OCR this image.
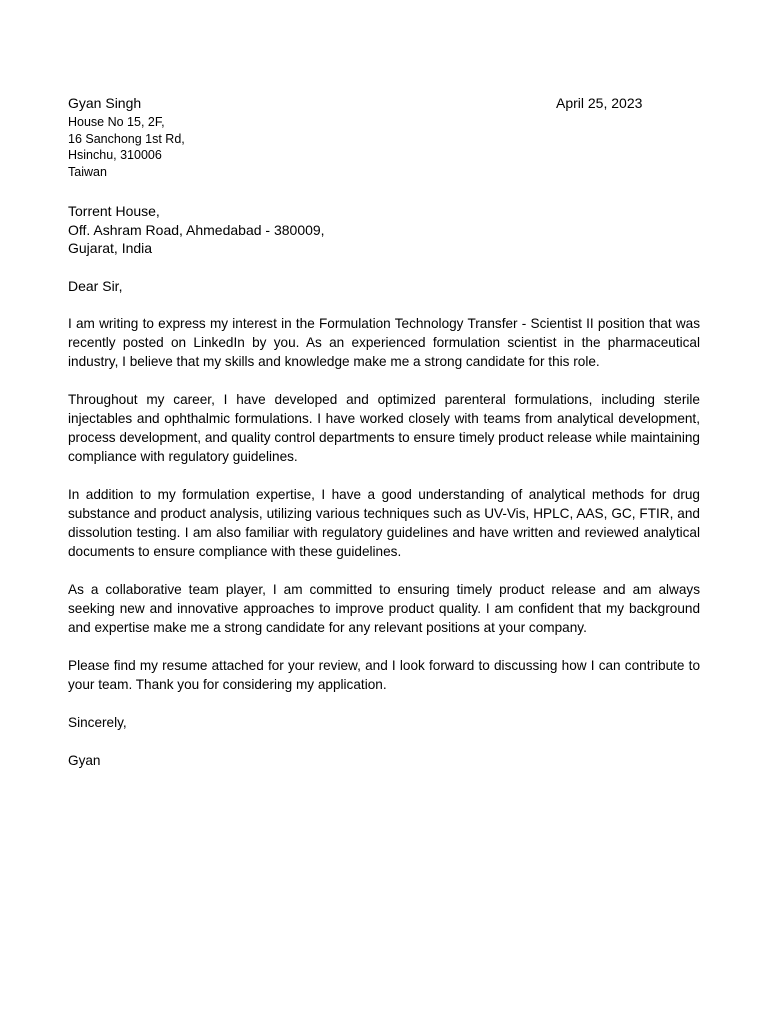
Gyan Singh	April 25, 2023
House No 15, 2F,
16 Sanchong 1st Rd,
Hsinchu, 310006
Taiwan
Torrent House,
Off. Ashram Road, Ahmedabad - 380009,
Gujarat, India
Dear Sir,

I am writing to express my interest in the Formulation Technology Transfer - Scientist II position that was recently posted on LinkedIn by you. As an experienced formulation scientist in the pharmaceutical industry, I believe that my skills and knowledge make me a strong candidate for this role.

Throughout my career, I have developed and optimized parenteral formulations, including sterile injectables and ophthalmic formulations. I have worked closely with teams from analytical development, process development, and quality control departments to ensure timely product release while maintaining compliance with regulatory guidelines.

In addition to my formulation expertise, I have a good understanding of analytical methods for drug substance and product analysis, utilizing various techniques such as UV-Vis, HPLC, AAS, GC, FTIR, and dissolution testing. I am also familiar with regulatory guidelines and have written and reviewed analytical documents to ensure compliance with these guidelines.

As a collaborative team player, I am committed to ensuring timely product release and am always seeking new and innovative approaches to improve product quality. I am confident that my background and expertise make me a strong candidate for any relevant positions at your company.

Please find my resume attached for your review, and I look forward to discussing how I can contribute to your team. Thank you for considering my application.

Sincerely,

Gyan
